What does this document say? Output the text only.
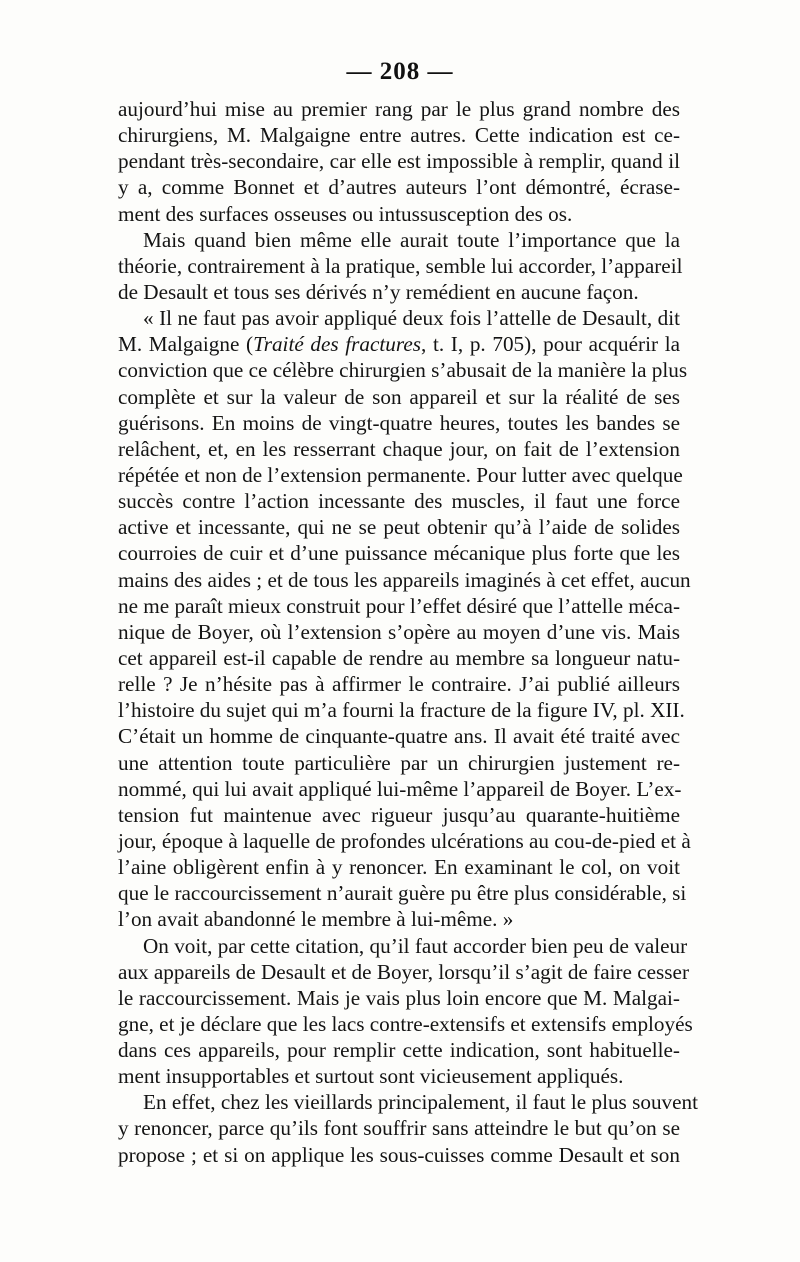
— 208 —
aujourd’hui mise au premier rang par le plus grand nombre des
chirurgiens, M. Malgaigne entre autres. Cette indication est ce-
pendant très-secondaire, car elle est impossible à remplir, quand il
y a, comme Bonnet et d’autres auteurs l’ont démontré, écrase-
ment des surfaces osseuses ou intussusception des os.
Mais quand bien même elle aurait toute l’importance que la
théorie, contrairement à la pratique, semble lui accorder, l’appareil
de Desault et tous ses dérivés n’y remédient en aucune façon.
« Il ne faut pas avoir appliqué deux fois l’attelle de Desault, dit
M. Malgaigne (Traité des fractures, t. I, p. 705), pour acquérir la
conviction que ce célèbre chirurgien s’abusait de la manière la plus
complète et sur la valeur de son appareil et sur la réalité de ses
guérisons. En moins de vingt-quatre heures, toutes les bandes se
relâchent, et, en les resserrant chaque jour, on fait de l’extension
répétée et non de l’extension permanente. Pour lutter avec quelque
succès contre l’action incessante des muscles, il faut une force
active et incessante, qui ne se peut obtenir qu’à l’aide de solides
courroies de cuir et d’une puissance mécanique plus forte que les
mains des aides ; et de tous les appareils imaginés à cet effet, aucun
ne me paraît mieux construit pour l’effet désiré que l’attelle méca-
nique de Boyer, où l’extension s’opère au moyen d’une vis. Mais
cet appareil est-il capable de rendre au membre sa longueur natu-
relle ? Je n’hésite pas à affirmer le contraire. J’ai publié ailleurs
l’histoire du sujet qui m’a fourni la fracture de la figure IV, pl. XII.
C’était un homme de cinquante-quatre ans. Il avait été traité avec
une attention toute particulière par un chirurgien justement re-
nommé, qui lui avait appliqué lui-même l’appareil de Boyer. L’ex-
tension fut maintenue avec rigueur jusqu’au quarante-huitième
jour, époque à laquelle de profondes ulcérations au cou-de-pied et à
l’aine obligèrent enfin à y renoncer. En examinant le col, on voit
que le raccourcissement n’aurait guère pu être plus considérable, si
l’on avait abandonné le membre à lui-même. »
On voit, par cette citation, qu’il faut accorder bien peu de valeur
aux appareils de Desault et de Boyer, lorsqu’il s’agit de faire cesser
le raccourcissement. Mais je vais plus loin encore que M. Malgai-
gne, et je déclare que les lacs contre-extensifs et extensifs employés
dans ces appareils, pour remplir cette indication, sont habituelle-
ment insupportables et surtout sont vicieusement appliqués.
En effet, chez les vieillards principalement, il faut le plus souvent
y renoncer, parce qu’ils font souffrir sans atteindre le but qu’on se
propose ; et si on applique les sous-cuisses comme Desault et son
